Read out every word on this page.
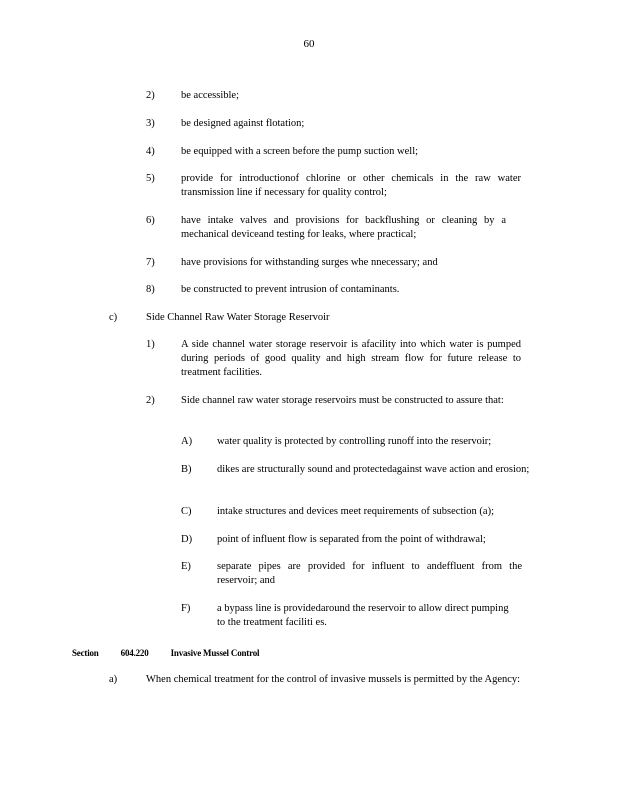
60
2)	be accessible;
3)	be designed against flotation;
4)	be equipped with a screen before the pump suction well;
5)	provide for introductionof chlorine or other chemicals in the raw water transmission line if necessary for quality control;
6)	have intake valves and provisions for backflushing or cleaning by a mechanical deviceand testing for leaks, where practical;
7)	have provisions for withstanding surges whe nnecessary; and
8)	be constructed to prevent intrusion of contaminants.
c)	Side Channel Raw Water Storage Reservoir
1)	A side channel water storage reservoir is afacility into which water is pumped during periods of good quality and high stream flow for future release to treatment facilities.
2)	Side channel raw water storage reservoirs must be constructed to assure that:
A) water quality is protected by controlling runoff into the reservoir;
B) dikes are structurally sound and protectedagainst wave action and erosion;
C) intake structures and devices meet requirements of subsection (a);
D) point of influent flow is separated from the point of withdrawal;
E) separate pipes are provided for influent to andeffluent from the reservoir; and
F)	a bypass line is providedaround the reservoir to allow direct pumping to the treatment faciliti es.
Section 604.220 Invasive Mussel Control
a)	When chemical treatment for the control of invasive mussels is permitted by the Agency:
